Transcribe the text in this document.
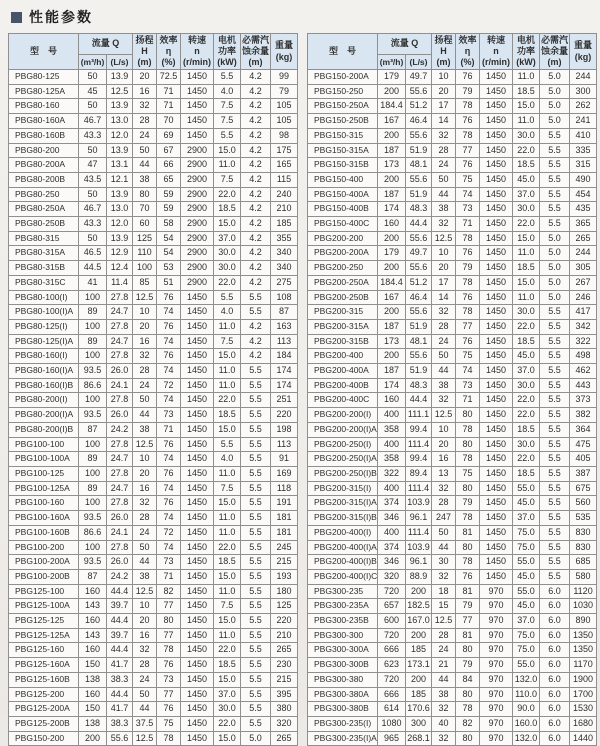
性能参数
型　号	流量 Q		扬程
H
(m)	效率
η
(%)	转速
n
(r/min)	电机
功率
(kW)	必需汽
蚀余量
(m)	重量
(kg)
	(m³/h)	(L/s)						
PBG80-125	50	13.9	20	72.5	1450	5.5	4.2	99
PBG80-125A	45	12.5	16	71	1450	4.0	4.2	79
PBG80-160	50	13.9	32	71	1450	7.5	4.2	105
PBG80-160A	46.7	13.0	28	70	1450	7.5	4.2	105
PBG80-160B	43.3	12.0	24	69	1450	5.5	4.2	98
PBG80-200	50	13.9	50	67	2900	15.0	4.2	175
PBG80-200A	47	13.1	44	66	2900	11.0	4.2	165
PBG80-200B	43.5	12.1	38	65	2900	7.5	4.2	115
PBG80-250	50	13.9	80	59	2900	22.0	4.2	240
PBG80-250A	46.7	13.0	70	59	2900	18.5	4.2	210
PBG80-250B	43.3	12.0	60	58	2900	15.0	4.2	185
PBG80-315	50	13.9	125	54	2900	37.0	4.2	355
PBG80-315A	46.5	12.9	110	54	2900	30.0	4.2	340
PBG80-315B	44.5	12.4	100	53	2900	30.0	4.2	340
PBG80-315C	41	11.4	85	51	2900	22.0	4.2	275
PBG80-100(I)	100	27.8	12.5	76	1450	5.5	5.5	108
PBG80-100(I)A	89	24.7	10	74	1450	4.0	5.5	87
PBG80-125(I)	100	27.8	20	76	1450	11.0	4.2	163
PBG80-125(I)A	89	24.7	16	74	1450	7.5	4.2	113
PBG80-160(I)	100	27.8	32	76	1450	15.0	4.2	184
PBG80-160(I)A	93.5	26.0	28	74	1450	11.0	5.5	174
PBG80-160(I)B	86.6	24.1	24	72	1450	11.0	5.5	174
PBG80-200(I)	100	27.8	50	74	1450	22.0	5.5	251
PBG80-200(I)A	93.5	26.0	44	73	1450	18.5	5.5	220
PBG80-200(I)B	87	24.2	38	71	1450	15.0	5.5	198
PBG100-100	100	27.8	12.5	76	1450	5.5	5.5	113
PBG100-100A	89	24.7	10	74	1450	4.0	5.5	91
PBG100-125	100	27.8	20	76	1450	11.0	5.5	169
PBG100-125A	89	24.7	16	74	1450	7.5	5.5	118
PBG100-160	100	27.8	32	76	1450	15.0	5.5	191
PBG100-160A	93.5	26.0	28	74	1450	11.0	5.5	181
PBG100-160B	86.6	24.1	24	72	1450	11.0	5.5	181
PBG100-200	100	27.8	50	74	1450	22.0	5.5	245
PBG100-200A	93.5	26.0	44	73	1450	18.5	5.5	215
PBG100-200B	87	24.2	38	71	1450	15.0	5.5	193
PBG125-100	160	44.4	12.5	82	1450	11.0	5.5	180
PBG125-100A	143	39.7	10	77	1450	7.5	5.5	125
PBG125-125	160	44.4	20	80	1450	15.0	5.5	220
PBG125-125A	143	39.7	16	77	1450	11.0	5.5	210
PBG125-160	160	44.4	32	78	1450	22.0	5.5	265
PBG125-160A	150	41.7	28	76	1450	18.5	5.5	230
PBG125-160B	138	38.3	24	73	1450	15.0	5.5	215
PBG125-200	160	44.4	50	77	1450	37.0	5.5	395
PBG125-200A	150	41.7	44	76	1450	30.0	5.5	380
PBG125-200B	138	38.3	37.5	75	1450	22.0	5.5	320
PBG150-200	200	55.6	12.5	78	1450	15.0	5.0	265
型　号	流量 Q		扬程
H
(m)	效率
η
(%)	转速
n
(r/min)	电机
功率
(kW)	必需汽
蚀余量
(m)	重量
(kg)
	(m³/h)	(L/s)						
PBG150-200A	179	49.7	10	76	1450	11.0	5.0	244
PBG150-250	200	55.6	20	79	1450	18.5	5.0	300
PBG150-250A	184.4	51.2	17	78	1450	15.0	5.0	262
PBG150-250B	167	46.4	14	76	1450	11.0	5.0	241
PBG150-315	200	55.6	32	78	1450	30.0	5.5	410
PBG150-315A	187	51.9	28	77	1450	22.0	5.5	335
PBG150-315B	173	48.1	24	76	1450	18.5	5.5	315
PBG150-400	200	55.6	50	75	1450	45.0	5.5	490
PBG150-400A	187	51.9	44	74	1450	37.0	5.5	454
PBG150-400B	174	48.3	38	73	1450	30.0	5.5	435
PBG150-400C	160	44.4	32	71	1450	22.0	5.5	365
PBG200-200	200	55.6	12.5	78	1450	15.0	5.0	265
PBG200-200A	179	49.7	10	76	1450	11.0	5.0	244
PBG200-250	200	55.6	20	79	1450	18.5	5.0	305
PBG200-250A	184.4	51.2	17	78	1450	15.0	5.0	267
PBG200-250B	167	46.4	14	76	1450	11.0	5.0	246
PBG200-315	200	55.6	32	78	1450	30.0	5.5	417
PBG200-315A	187	51.9	28	77	1450	22.0	5.5	342
PBG200-315B	173	48.1	24	76	1450	18.5	5.5	322
PBG200-400	200	55.6	50	75	1450	45.0	5.5	498
PBG200-400A	187	51.9	44	74	1450	37.0	5.5	462
PBG200-400B	174	48.3	38	73	1450	30.0	5.5	443
PBG200-400C	160	44.4	32	71	1450	22.0	5.5	373
PBG200-200(I)	400	111.1	12.5	80	1450	22.0	5.5	382
PBG200-200(I)A	358	99.4	10	78	1450	18.5	5.5	364
PBG200-250(I)	400	111.4	20	80	1450	30.0	5.5	475
PBG200-250(I)A	358	99.4	16	78	1450	22.0	5.5	405
PBG200-250(I)B	322	89.4	13	75	1450	18.5	5.5	387
PBG200-315(I)	400	111.4	32	80	1450	55.0	5.5	675
PBG200-315(I)A	374	103.9	28	79	1450	45.0	5.5	560
PBG200-315(I)B	346	96.1	247	78	1450	37.0	5.5	535
PBG200-400(I)	400	111.4	50	81	1450	75.0	5.5	830
PBG200-400(I)A	374	103.9	44	80	1450	75.0	5.5	830
PBG200-400(I)B	346	96.1	30	78	1450	55.0	5.5	685
PBG200-400(I)C	320	88.9	32	76	1450	45.0	5.5	580
PBG300-235	720	200	18	81	970	55.0	6.0	1120
PBG300-235A	657	182.5	15	79	970	45.0	6.0	1030
PBG300-235B	600	167.0	12.5	77	970	37.0	6.0	890
PBG300-300	720	200	28	81	970	75.0	6.0	1350
PBG300-300A	666	185	24	80	970	75.0	6.0	1350
PBG300-300B	623	173.1	21	79	970	55.0	6.0	1170
PBG300-380	720	200	44	84	970	132.0	6.0	1900
PBG300-380A	666	185	38	80	970	110.0	6.0	1700
PBG300-380B	614	170.6	32	78	970	90.0	6.0	1530
PBG300-235(I)	1080	300	40	82	970	160.0	6.0	1680
PBG300-235(I)A	965	268.1	32	80	970	132.0	6.0	1440
